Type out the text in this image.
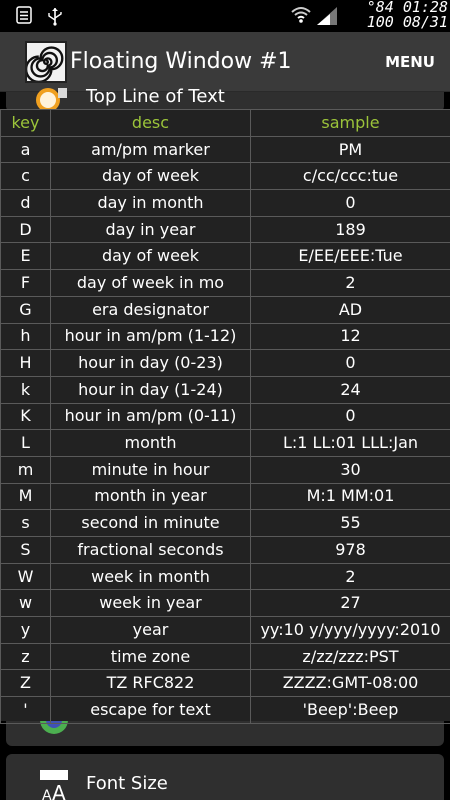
°84 01:28
100 08/31
Floating Window #1	MENU
Top Line of Text
A A Font Size
key	desc	sample
a	am/pm marker	PM
c	day of week	c/cc/ccc:tue
d	day in month	0
D	day in year	189
E	day of week	E/EE/EEE:Tue
F	day of week in mo	2
G	era designator	AD
h	hour in am/pm (1-12)	12
H	hour in day (0-23)	0
k	hour in day (1-24)	24
K	hour in am/pm (0-11)	0
L	month	L:1 LL:01 LLL:Jan
m	minute in hour	30
M	month in year	M:1 MM:01
s	second in minute	55
S	fractional seconds	978
W	week in month	2
w	week in year	27
y	year	yy:10 y/yyy/yyyy:2010
z	time zone	z/zz/zzz:PST
Z	TZ RFC822	ZZZZ:GMT-08:00
'	escape for text	'Beep':Beep
